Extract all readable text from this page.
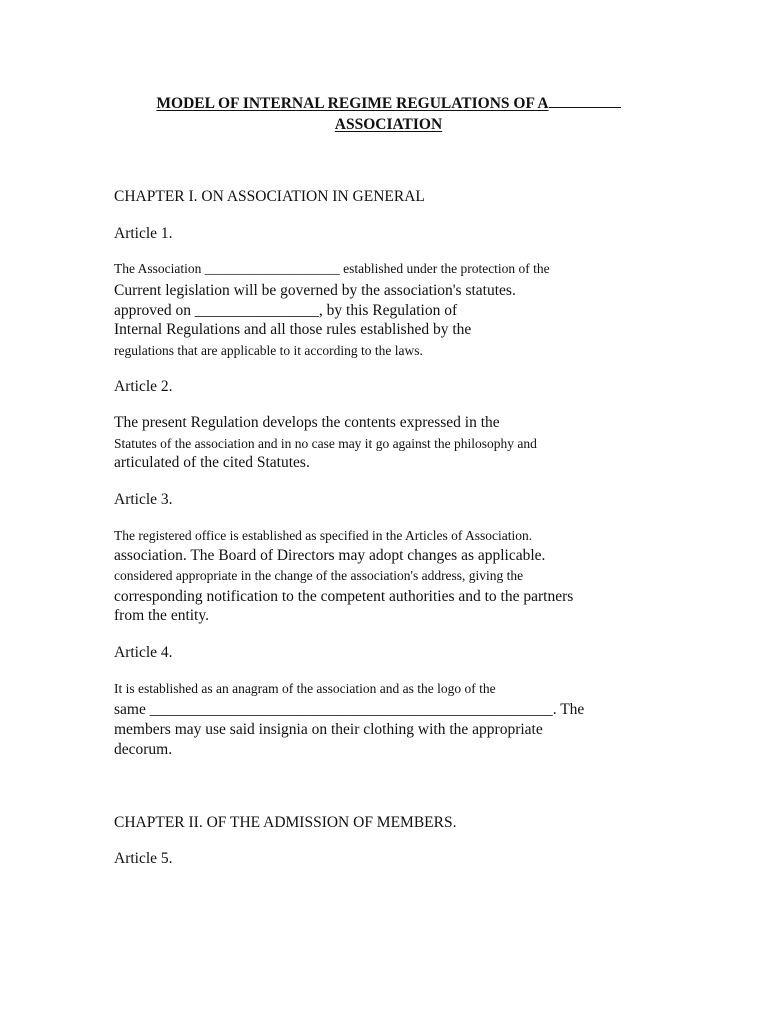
MODEL OF INTERNAL REGIME REGULATIONS OF A
ASSOCIATION
CHAPTER I. ON ASSOCIATION IN GENERAL
Article 1.
The Association ____________________ established under the protection of the
Current legislation will be governed by the association's statutes.
approved on ________________, by this Regulation of
Internal Regulations and all those rules established by the
regulations that are applicable to it according to the laws.
Article 2.
The present Regulation develops the contents expressed in the
Statutes of the association and in no case may it go against the philosophy and
articulated of the cited Statutes.
Article 3.
The registered office is established as specified in the Articles of Association.
association. The Board of Directors may adopt changes as applicable.
considered appropriate in the change of the association's address, giving the
corresponding notification to the competent authorities and to the partners
from the entity.
Article 4.
It is established as an anagram of the association and as the logo of the
same ____________________________________________________. The
members may use said insignia on their clothing with the appropriate
decorum.
CHAPTER II. OF THE ADMISSION OF MEMBERS.
Article 5.
